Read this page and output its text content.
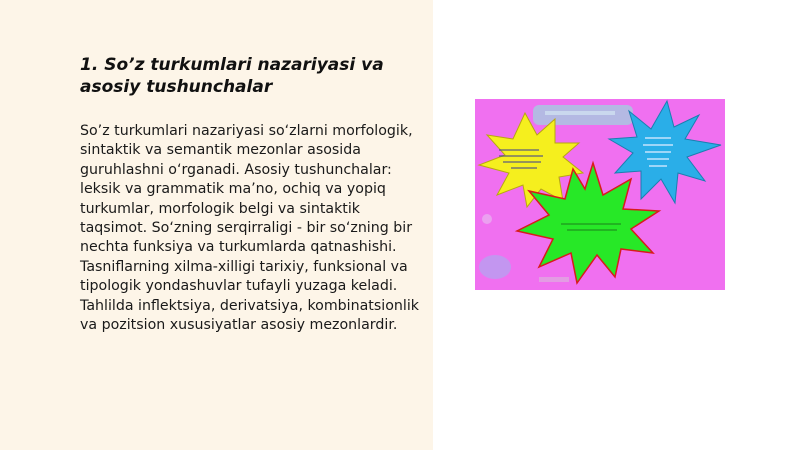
1. So’z turkumlari nazariyasi va asosiy tushunchalar

So’z turkumlari nazariyasi so‘zlarni morfologik, sintaktik va semantik mezonlar asosida guruhlashni o‘rganadi. Asosiy tushunchalar: leksik va grammatik ma’no, ochiq va yopiq turkumlar, morfologik belgi va sintaktik taqsimot. So‘zning serqirraligi - bir so‘zning bir nechta funksiya va turkumlarda qatnashishi. Tasniflarning xilma-xilligi tarixiy, funksional va tipologik yondashuvlar tufayli yuzaga keladi. Tahlilda inflektsiya, derivatsiya, kombinatsionlik va pozitsion xususiyatlar asosiy mezonlardir.
